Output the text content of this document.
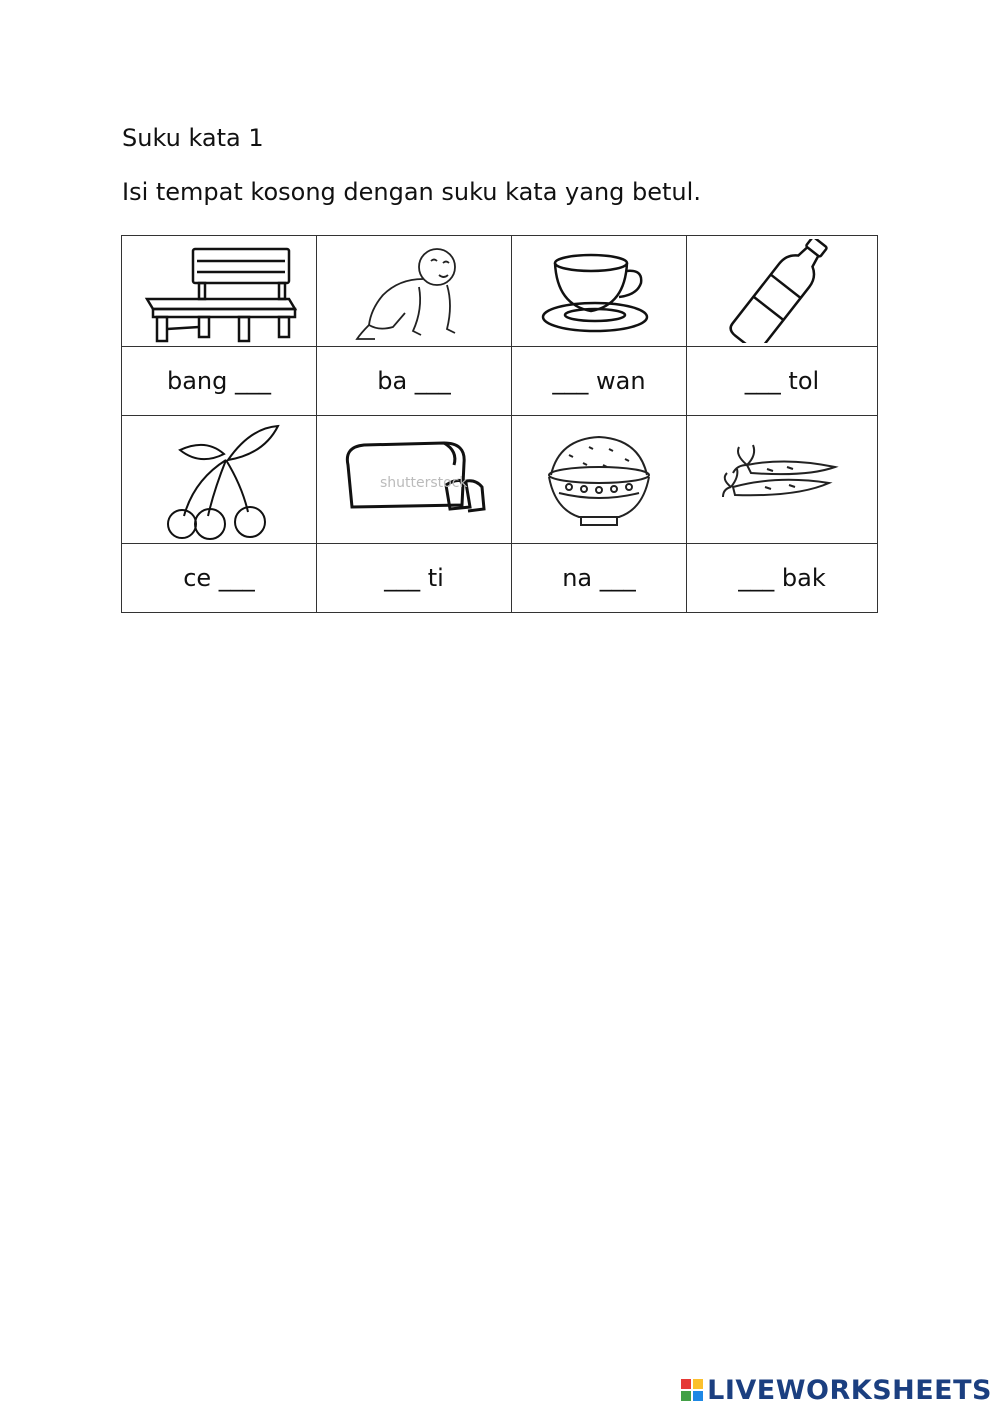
Suku kata 1
Isi tempat kosong dengan suku kata yang betul.

bang ___	ba ___	___ wan	___ tol

shutterstock

ce ___	___ ti	na ___	___ bak
LIVEWORKSHEETS
